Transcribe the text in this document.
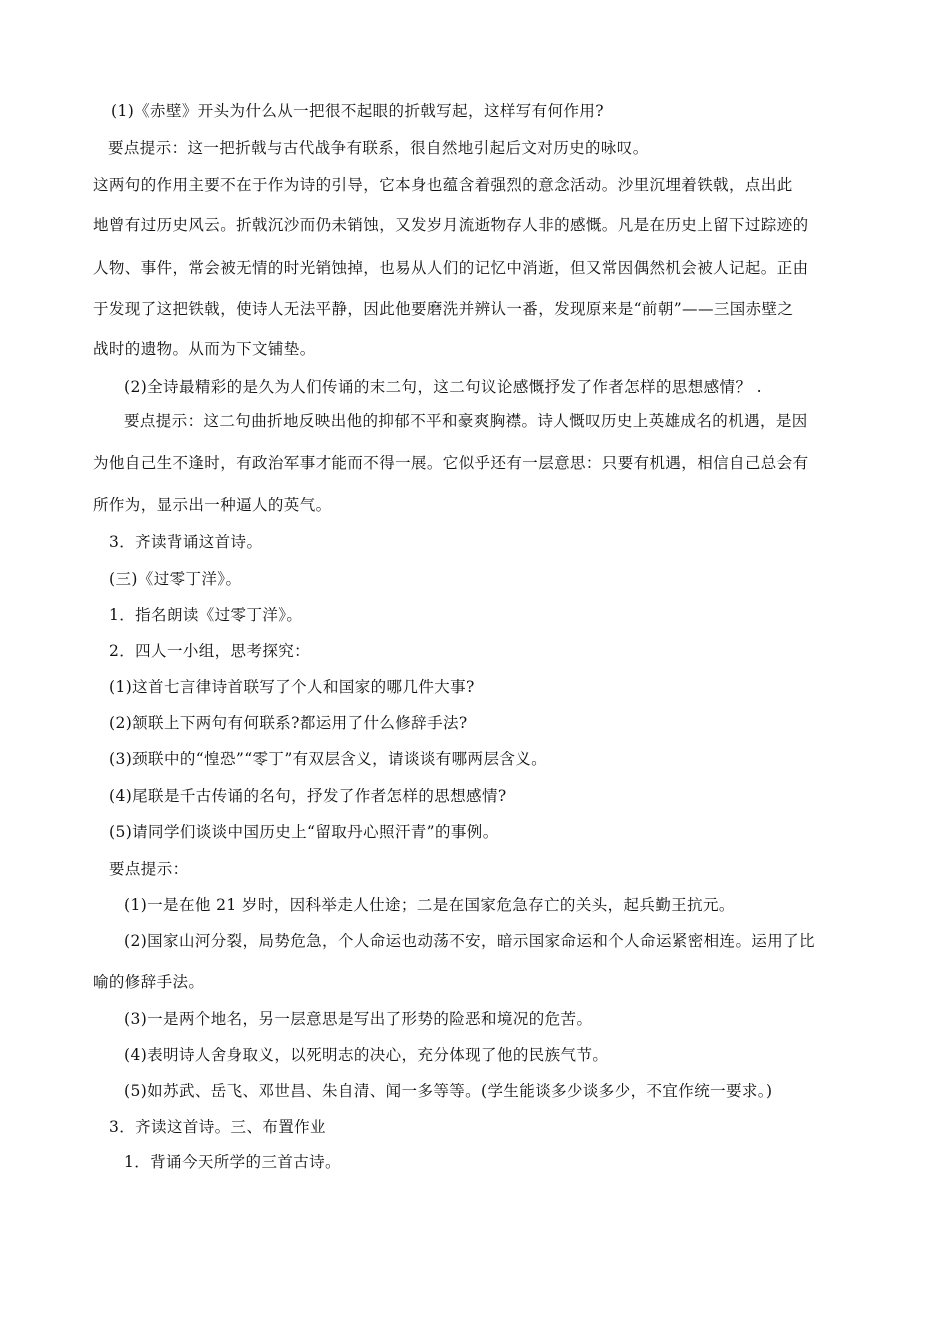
(1)《赤壁》开头为什么从一把很不起眼的折戟写起，这样写有何作用?
要点提示：这一把折戟与古代战争有联系，很自然地引起后文对历史的咏叹。
这两句的作用主要不在于作为诗的引导，它本身也蕴含着强烈的意念活动。沙里沉埋着铁戟，点出此
地曾有过历史风云。折戟沉沙而仍未销蚀，又发岁月流逝物存人非的感慨。凡是在历史上留下过踪迹的
人物、事件，常会被无情的时光销蚀掉，也易从人们的记忆中消逝，但又常因偶然机会被人记起。正由
于发现了这把铁戟，使诗人无法平静，因此他要磨洗并辨认一番，发现原来是“前朝”——三国赤壁之
战时的遗物。从而为下文铺垫。
(2)全诗最精彩的是久为人们传诵的末二句，这二句议论感慨抒发了作者怎样的思想感情？ .
要点提示：这二句曲折地反映出他的抑郁不平和豪爽胸襟。诗人慨叹历史上英雄成名的机遇，是因
为他自己生不逢时，有政治军事才能而不得一展。它似乎还有一层意思：只要有机遇，相信自己总会有
所作为，显示出一种逼人的英气。
3．齐读背诵这首诗。
(三)《过零丁洋》。
1．指名朗读《过零丁洋》。
2．四人一小组，思考探究：
(1)这首七言律诗首联写了个人和国家的哪几件大事?
(2)颔联上下两句有何联系?都运用了什么修辞手法?
(3)颈联中的“惶恐”“零丁”有双层含义，请谈谈有哪两层含义。
(4)尾联是千古传诵的名句，抒发了作者怎样的思想感情?
(5)请同学们谈谈中国历史上“留取丹心照汗青”的事例。
要点提示：
(1)一是在他 21 岁时，因科举走人仕途；二是在国家危急存亡的关头，起兵勤王抗元。
(2)国家山河分裂，局势危急，个人命运也动荡不安，暗示国家命运和个人命运紧密相连。运用了比
喻的修辞手法。
(3)一是两个地名，另一层意思是写出了形势的险恶和境况的危苦。
(4)表明诗人舍身取义，以死明志的决心，充分体现了他的民族气节。
(5)如苏武、岳飞、邓世昌、朱自清、闻一多等等。(学生能谈多少谈多少，不宜作统一要求。)
3．齐读这首诗。三、布置作业
1．背诵今天所学的三首古诗。
